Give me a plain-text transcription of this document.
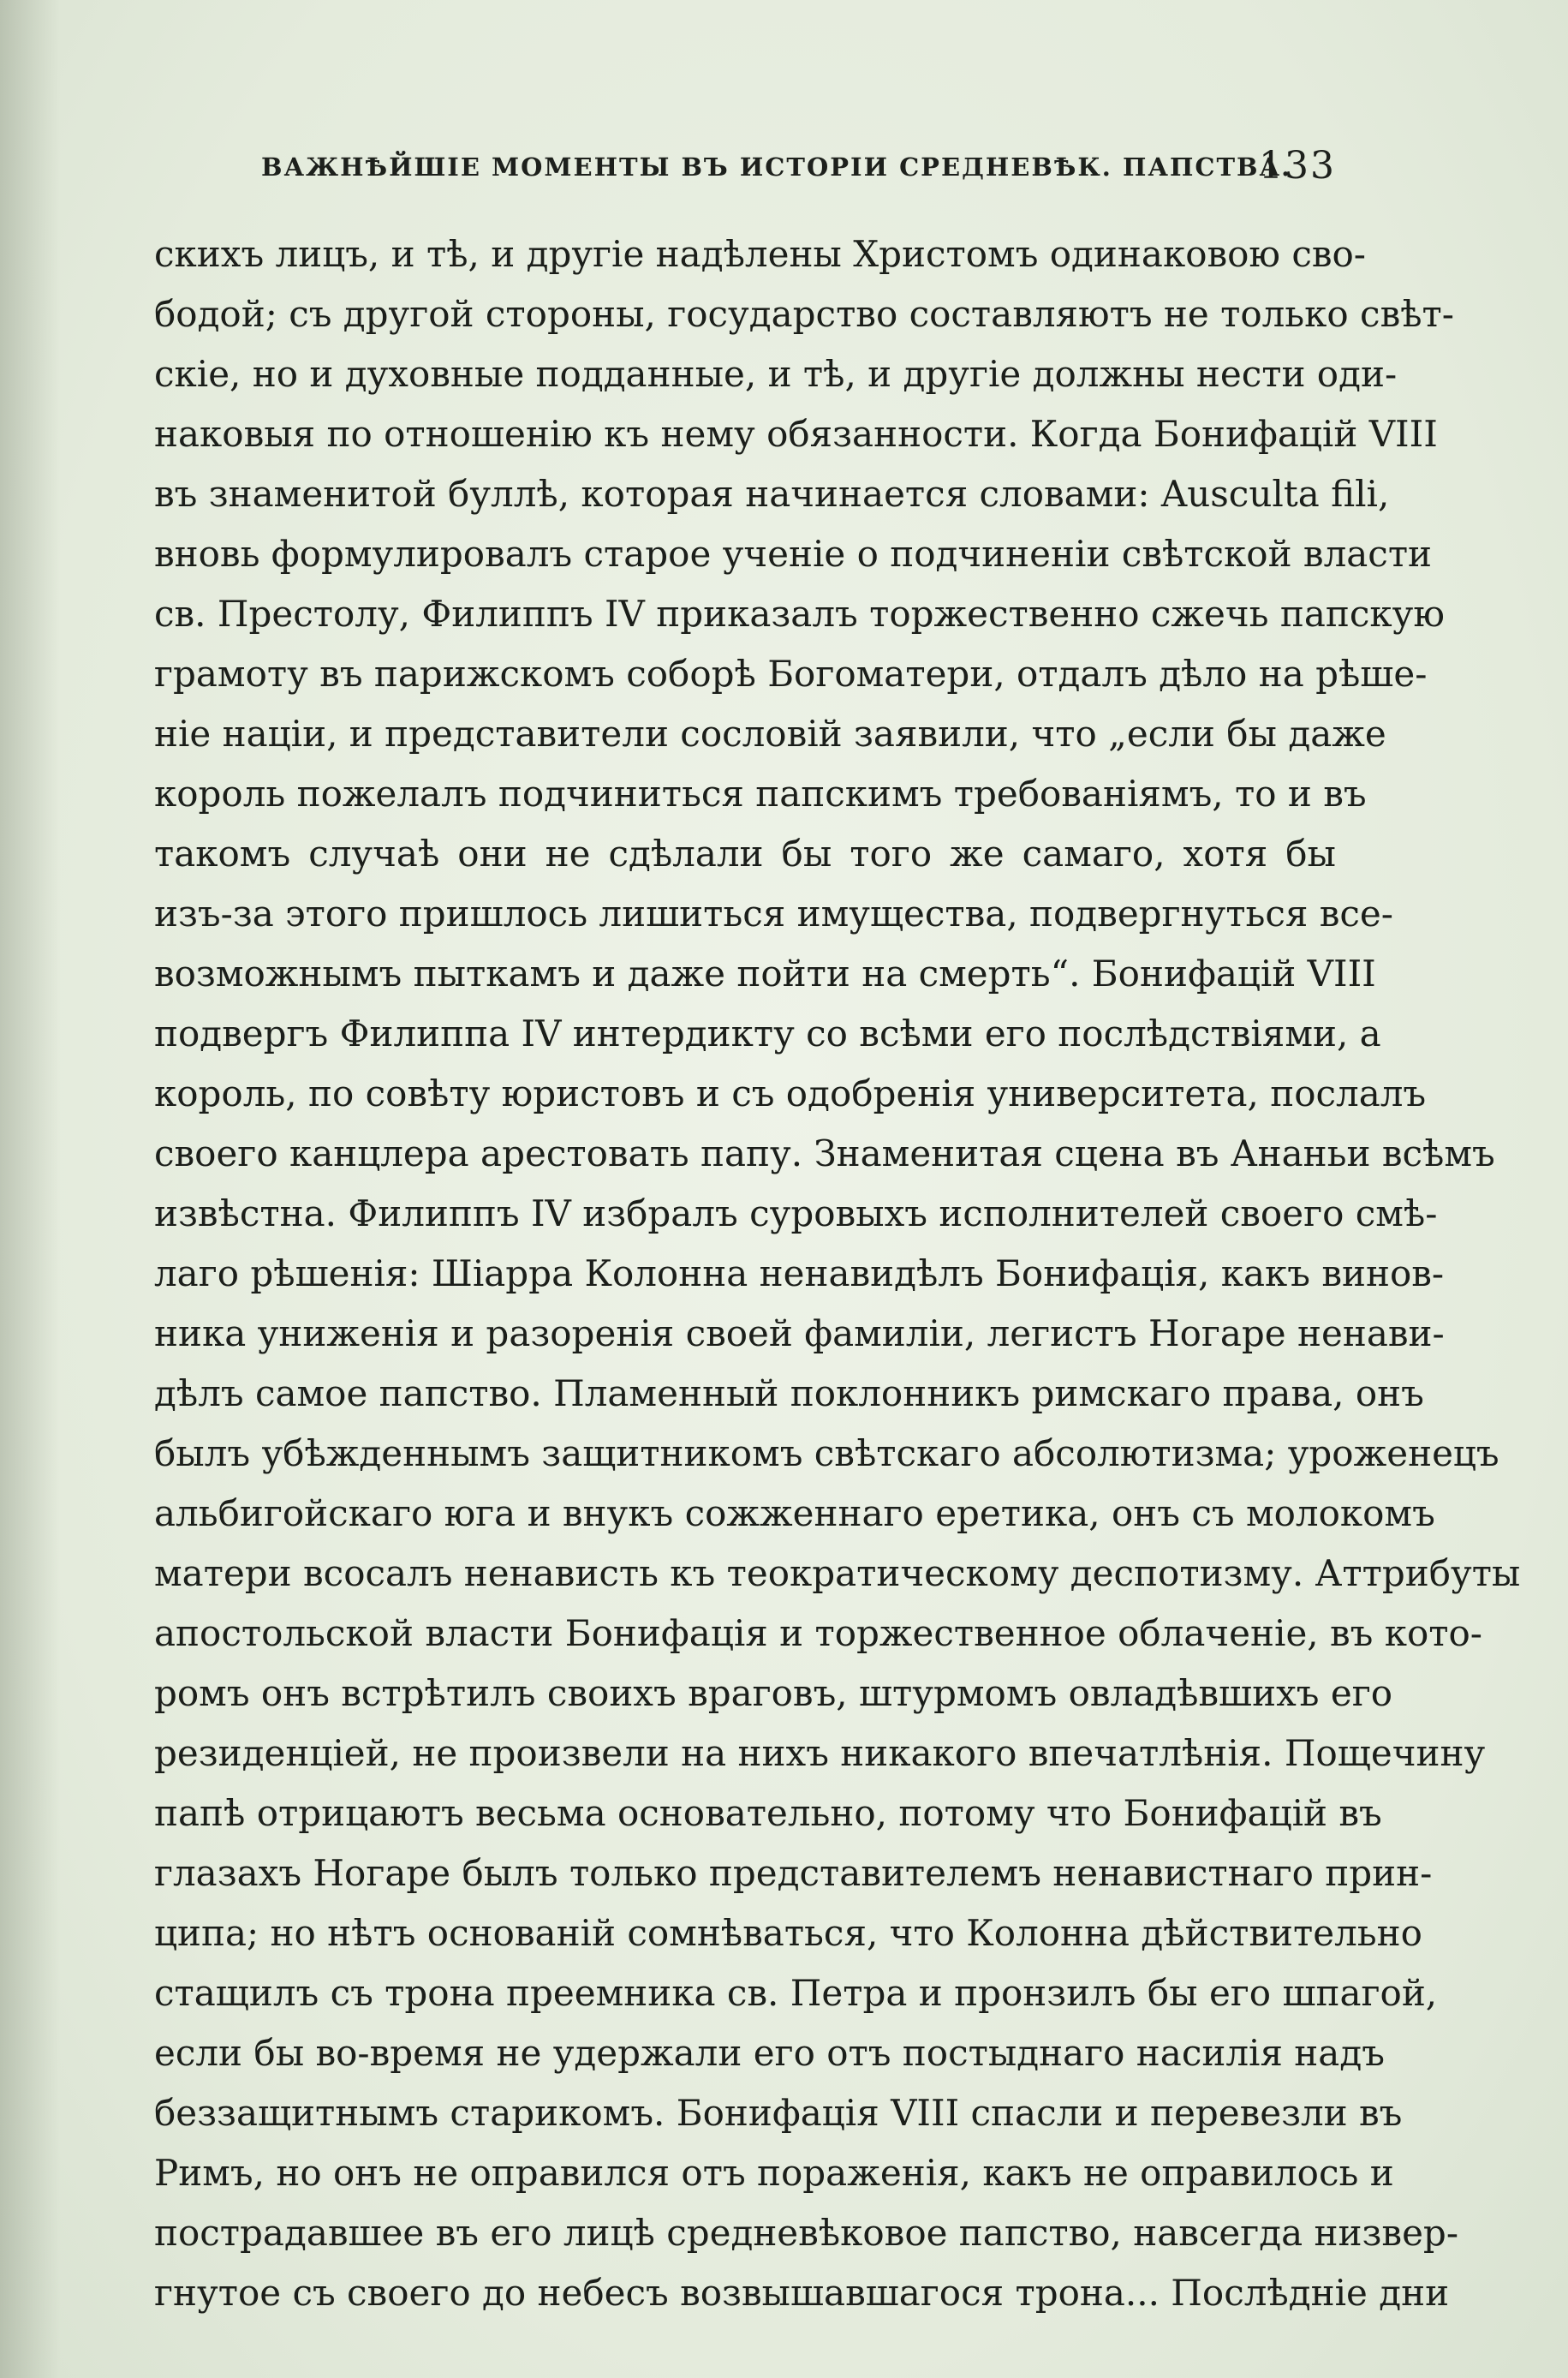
ВАЖНѢЙШІЕ МОМЕНТЫ ВЪ ИСТОРІИ СРЕДНЕВѢК. ПАПСТВА.
133
скихъ лицъ, и тѣ, и другіе надѣлены Христомъ одинаковою сво-
бодой; съ другой стороны, государство составляютъ не только свѣт-
скіе, но и духовные подданные, и тѣ, и другіе должны нести оди-
наковыя по отношенію къ нему обязанности. Когда Бонифацій VIII
въ знаменитой буллѣ, которая начинается словами: Ausculta fili,
вновь формулировалъ старое ученіе о подчиненіи свѣтской власти
св. Престолу, Филиппъ IV приказалъ торжественно сжечь папскую
грамоту въ парижскомъ соборѣ Богоматери, отдалъ дѣло на рѣше-
ніе націи, и представители сословій заявили, что „если бы даже
король пожелалъ подчиниться папскимъ требованіямъ, то и въ
такомъ случаѣ они не сдѣлали бы того же самаго, хотя бы
изъ-за этого пришлось лишиться имущества, подвергнуться все-
возможнымъ пыткамъ и даже пойти на смерть“. Бонифацій VIII
подвергъ Филиппа IV интердикту со всѣми его послѣдствіями, а
король, по совѣту юристовъ и съ одобренія университета, послалъ
своего канцлера арестовать папу. Знаменитая сцена въ Ананьи всѣмъ
извѣстна. Филиппъ IV избралъ суровыхъ исполнителей своего смѣ-
лаго рѣшенія: Шіарра Колонна ненавидѣлъ Бонифація, какъ винов-
ника униженія и разоренія своей фамиліи, легистъ Ногаре ненави-
дѣлъ самое папство. Пламенный поклонникъ римскаго права, онъ
былъ убѣжденнымъ защитникомъ свѣтскаго абсолютизма; уроженецъ
альбигойскаго юга и внукъ сожженнаго еретика, онъ съ молокомъ
матери всосалъ ненависть къ теократическому деспотизму. Аттрибуты
апостольской власти Бонифація и торжественное облаченіе, въ кото-
ромъ онъ встрѣтилъ своихъ враговъ, штурмомъ овладѣвшихъ его
резиденціей, не произвели на нихъ никакого впечатлѣнія. Пощечину
папѣ отрицаютъ весьма основательно, потому что Бонифацій въ
глазахъ Ногаре былъ только представителемъ ненавистнаго прин-
ципа; но нѣтъ основаній сомнѣваться, что Колонна дѣйствительно
стащилъ съ трона преемника св. Петра и пронзилъ бы его шпагой,
если бы во-время не удержали его отъ постыднаго насилія надъ
беззащитнымъ старикомъ. Бонифація VIII спасли и перевезли въ
Римъ, но онъ не оправился отъ пораженія, какъ не оправилось и
пострадавшее въ его лицѣ средневѣковое папство, навсегда низвер-
гнутое съ своего до небесъ возвышавшагося трона... Послѣдніе дни
